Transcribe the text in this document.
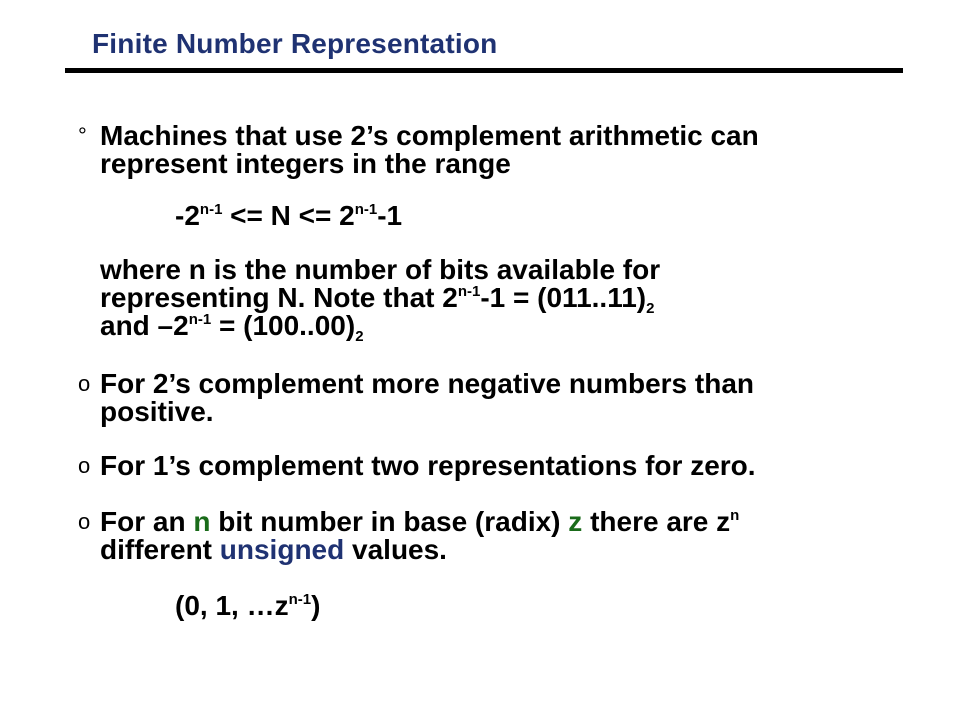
Finite Number Representation
° Machines that use 2’s complement arithmetic can
represent integers in the range
$-2^{n-1} <= N <= 2^{n-1}-1$
where n is the number of bits available for
representing N. Note that $2^{n-1}-1 = (011..11)_2$
and $-2^{n-1} = (100..00)_2$
o For 2’s complement more negative numbers than
positive.
o For 1’s complement two representations for zero.
o For an n bit number in base (radix) z there are $z^n$
different unsigned values.
(0, 1, $\dots z^{n-1}$)
